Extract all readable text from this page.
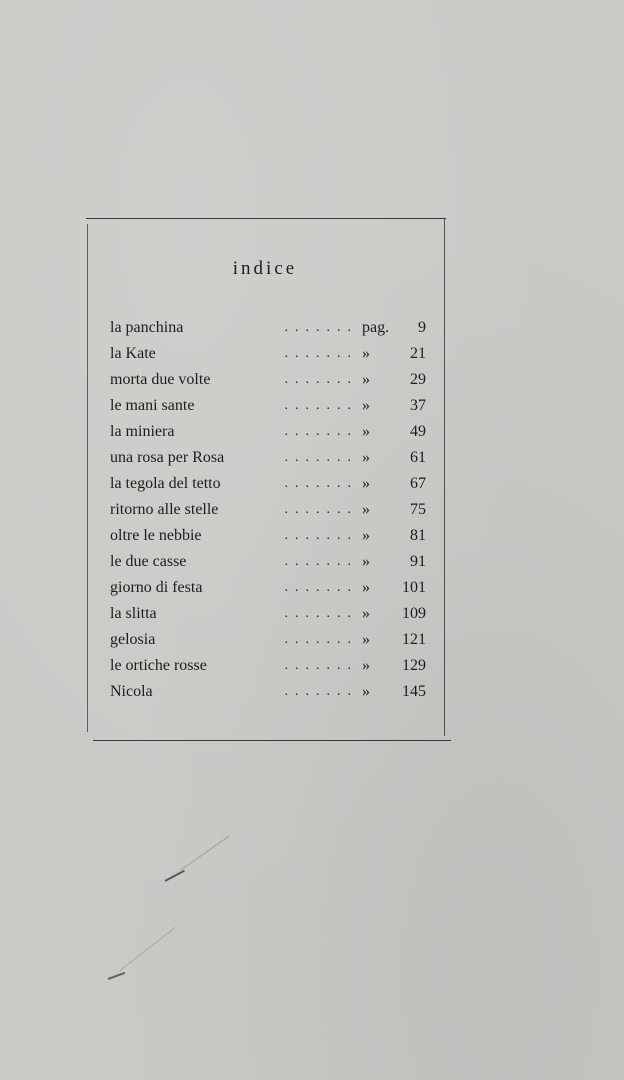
indice
la panchina	....... pag.	9
la Kate	....... »	21
morta due volte	....... »	29
le mani sante	....... »	37
la miniera	....... »	49
una rosa per Rosa	....... »	61
la tegola del tetto	....... »	67
ritorno alle stelle	....... »	75
oltre le nebbie	....... »	81
le due casse	....... »	91
giorno di festa	....... »	101
la slitta	....... »	109
gelosia	....... »	121
le ortiche rosse	....... »	129
Nicola	....... »	145
